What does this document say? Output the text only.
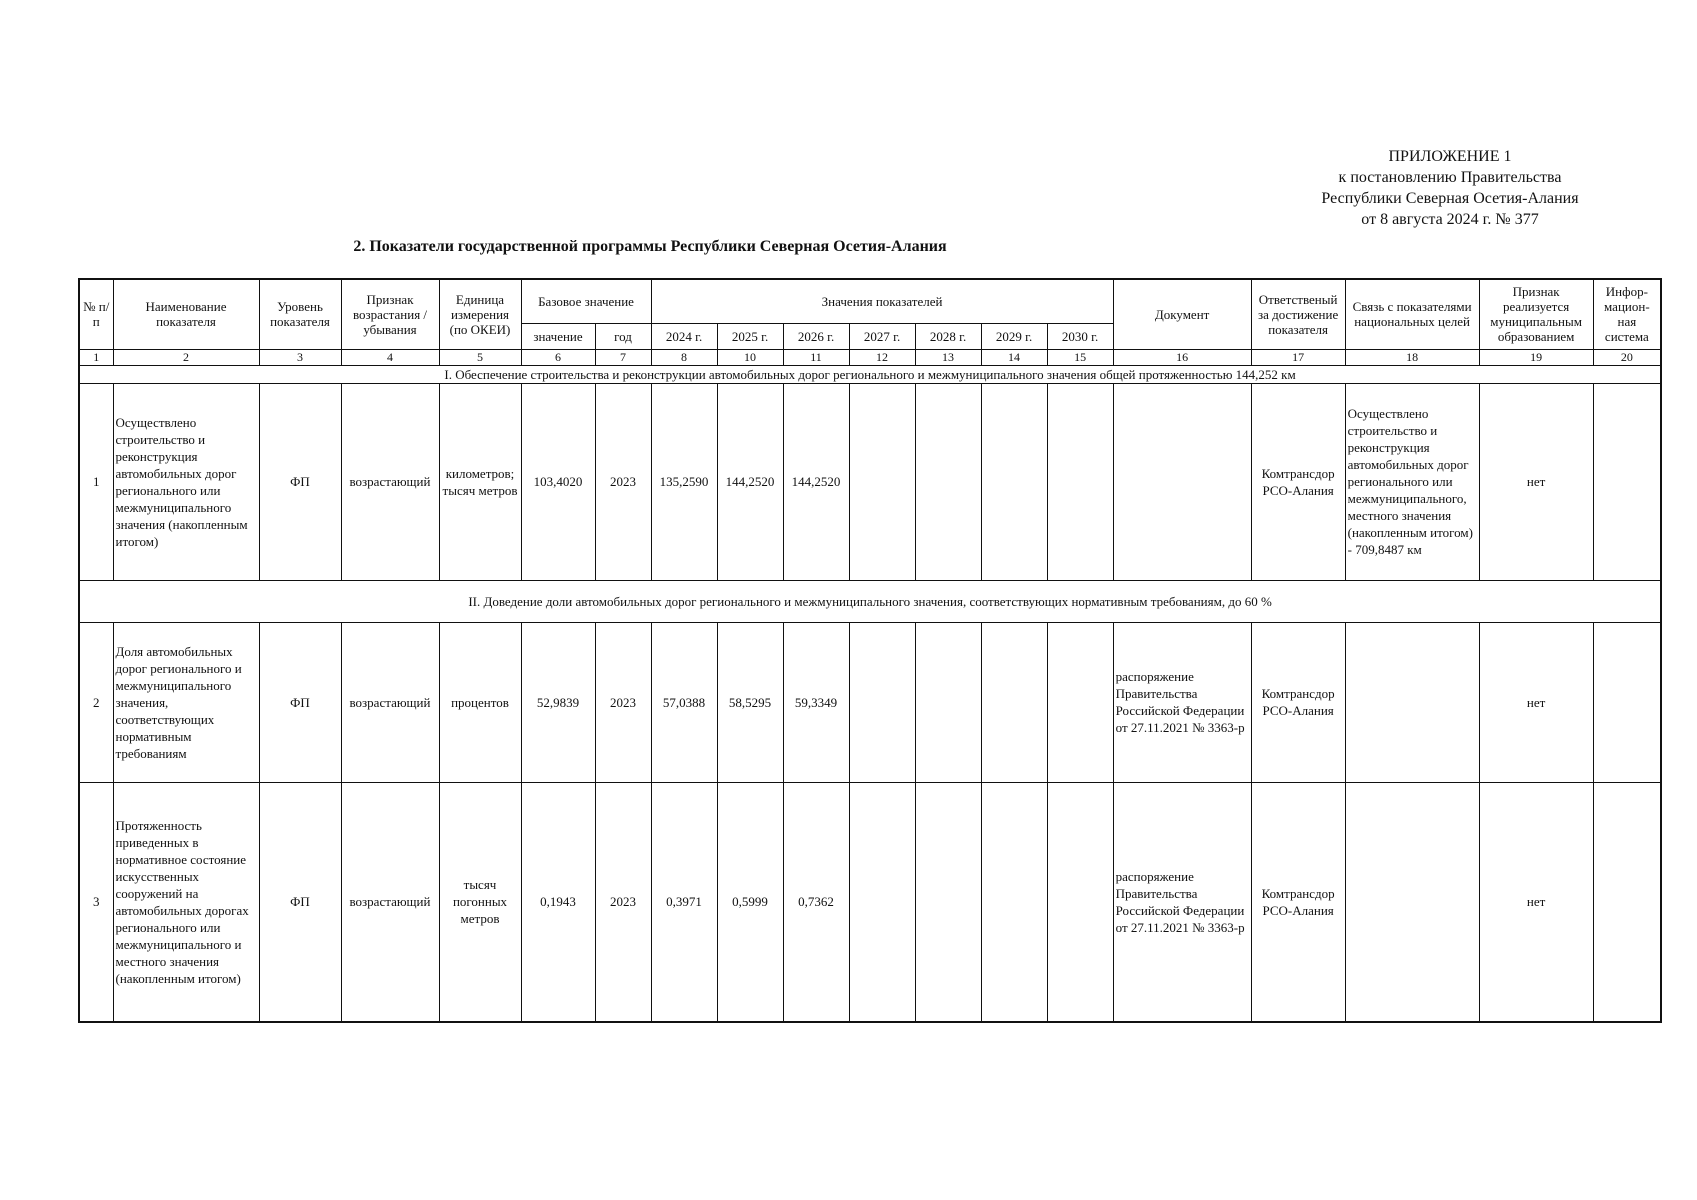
ПРИЛОЖЕНИЕ 1
к постановлению Правительства
Республики Северная Осетия-Алания
от 8 августа 2024 г. № 377
2. Показатели государственной программы Республики Северная Осетия-Алания
№ п/п	Наименование показателя	Уровень показателя	Признак возрастания / убывания	Единица измерения (по ОКЕИ)	Базовое значение		Значения показателей							Документ	Ответственый за достижение показателя	Связь с показателями национальных целей	Признак реализуется муниципальным образованием	Инфор-мацион-ная система
					значение	год	2024 г.	2025 г.	2026 г.	2027 г.	2028 г.	2029 г.	2030 г.					
1	2	3	4	5	6	7	8	10	11	12	13	14	15	16	17	18	19	20
I. Обеспечение строительства и реконструкции автомобильных дорог регионального и межмуниципального значения общей протяженностью 144,252 км																		
1	Осуществлено строительство и реконструкция автомобильных дорог регионального или межмуниципального значения (накопленным итогом)	ФП	возрастающий	километров; тысяч метров	103,4020	2023	135,2590	144,2520	144,2520						Комтрансдор РСО-Алания	Осуществлено строительство и реконструкция автомобильных дорог регионального или межмуниципального, местного значения (накопленным итогом) - 709,8487 км	нет	
II. Доведение доли автомобильных дорог регионального и межмуниципального значения, соответствующих нормативным требованиям, до 60 %																		
2	Доля автомобильных дорог регионального и межмуниципального значения, соответствующих нормативным требованиям	ФП	возрастающий	процентов	52,9839	2023	57,0388	58,5295	59,3349					распоряжение Правительства Российской Федерации от 27.11.2021 № 3363-р	Комтрансдор РСО-Алания		нет	
3	Протяженность приведенных в нормативное состояние искусственных сооружений на автомобильных дорогах регионального или межмуниципального и местного значения (накопленным итогом)	ФП	возрастающий	тысяч погонных метров	0,1943	2023	0,3971	0,5999	0,7362					распоряжение Правительства Российской Федерации от 27.11.2021 № 3363-р	Комтрансдор РСО-Алания		нет	
